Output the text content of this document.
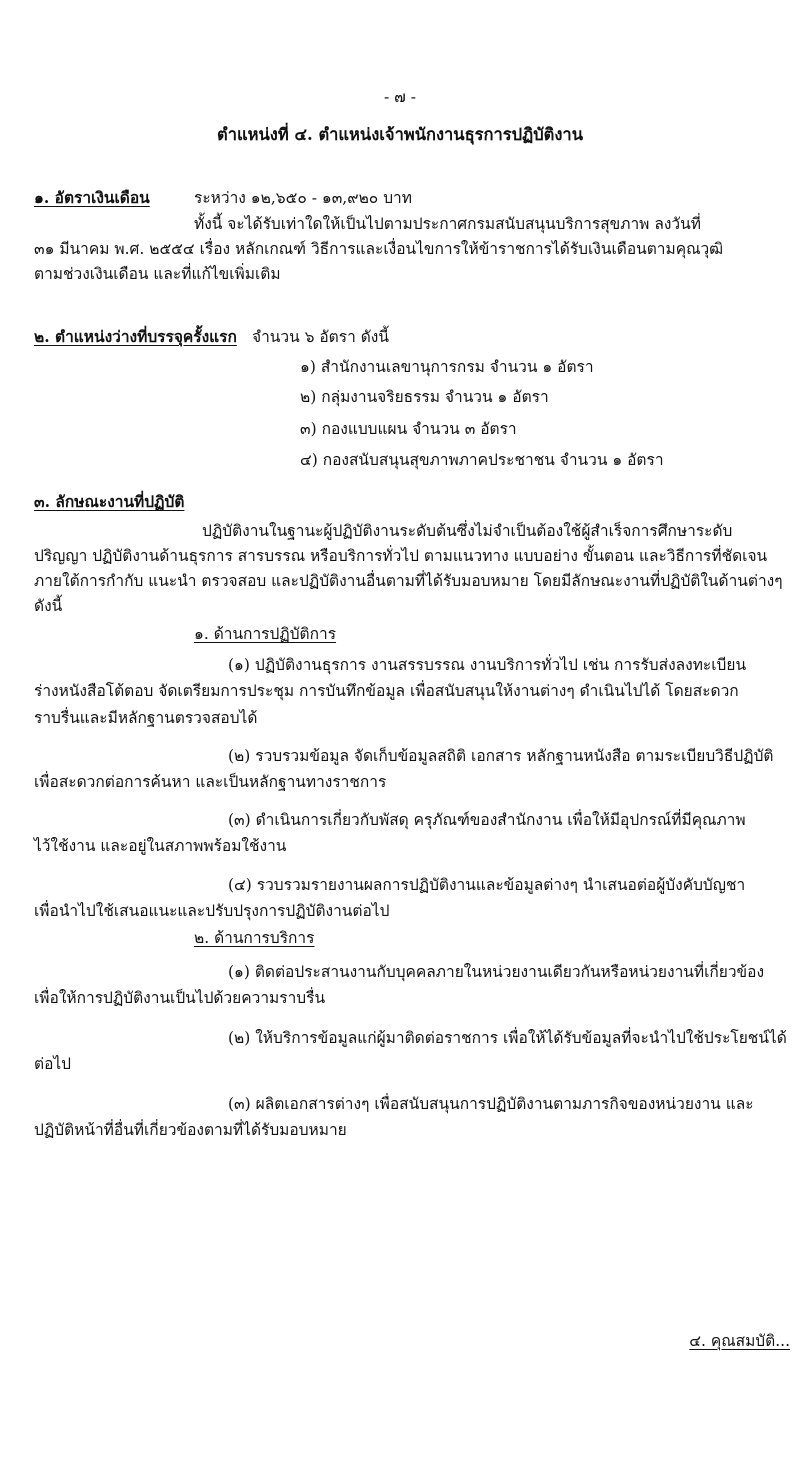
- ๗ -
ตำแหน่งที่ ๔. ตำแหน่งเจ้าพนักงานธุรการปฏิบัติงาน
๑. อัตราเงินเดือน	ระหว่าง ๑๒,๖๕๐ - ๑๓,๙๒๐ บาท
ทั้งนี้ จะได้รับเท่าใดให้เป็นไปตามประกาศกรมสนับสนุนบริการสุขภาพ ลงวันที่
๓๑ มีนาคม พ.ศ. ๒๕๕๔ เรื่อง หลักเกณฑ์ วิธีการและเงื่อนไขการให้ข้าราชการได้รับเงินเดือนตามคุณวุฒิ
ตามช่วงเงินเดือน และที่แก้ไขเพิ่มเติม
๒. ตำแหน่งว่างที่บรรจุครั้งแรก จำนวน ๖ อัตรา ดังนี้
๑) สำนักงานเลขานุการกรม จำนวน ๑ อัตรา
๒) กลุ่มงานจริยธรรม จำนวน ๑ อัตรา
๓) กองแบบแผน จำนวน ๓ อัตรา
๔) กองสนับสนุนสุขภาพภาคประชาชน จำนวน ๑ อัตรา
๓. ลักษณะงานที่ปฏิบัติ
ปฏิบัติงานในฐานะผู้ปฏิบัติงานระดับต้นซึ่งไม่จำเป็นต้องใช้ผู้สำเร็จการศึกษาระดับ
ปริญญา ปฏิบัติงานด้านธุรการ สารบรรณ หรือบริการทั่วไป ตามแนวทาง แบบอย่าง ขั้นตอน และวิธีการที่ชัดเจน
ภายใต้การกำกับ แนะนำ ตรวจสอบ และปฏิบัติงานอื่นตามที่ได้รับมอบหมาย โดยมีลักษณะงานที่ปฏิบัติในด้านต่างๆ
ดังนี้
๑. ด้านการปฏิบัติการ
(๑) ปฏิบัติงานธุรการ งานสรรบรรณ งานบริการทั่วไป เช่น การรับส่งลงทะเบียน
ร่างหนังสือโต้ตอบ จัดเตรียมการประชุม การบันทึกข้อมูล เพื่อสนับสนุนให้งานต่างๆ ดำเนินไปได้ โดยสะดวก
ราบรื่นและมีหลักฐานตรวจสอบได้
(๒) รวบรวมข้อมูล จัดเก็บข้อมูลสถิติ เอกสาร หลักฐานหนังสือ ตามระเบียบวิธีปฏิบัติ
เพื่อสะดวกต่อการค้นหา และเป็นหลักฐานทางราชการ
(๓) ดำเนินการเกี่ยวกับพัสดุ ครุภัณฑ์ของสำนักงาน เพื่อให้มีอุปกรณ์ที่มีคุณภาพ
ไว้ใช้งาน และอยู่ในสภาพพร้อมใช้งาน
(๔) รวบรวมรายงานผลการปฏิบัติงานและข้อมูลต่างๆ นำเสนอต่อผู้บังคับบัญชา
เพื่อนำไปใช้เสนอแนะและปรับปรุงการปฏิบัติงานต่อไป
๒. ด้านการบริการ
(๑) ติดต่อประสานงานกับบุคคลภายในหน่วยงานเดียวกันหรือหน่วยงานที่เกี่ยวข้อง
เพื่อให้การปฏิบัติงานเป็นไปด้วยความราบรื่น
(๒) ให้บริการข้อมูลแก่ผู้มาติดต่อราชการ เพื่อให้ได้รับข้อมูลที่จะนำไปใช้ประโยชน์ได้
ต่อไป
(๓) ผลิตเอกสารต่างๆ เพื่อสนับสนุนการปฏิบัติงานตามภารกิจของหน่วยงาน และ
ปฏิบัติหน้าที่อื่นที่เกี่ยวข้องตามที่ได้รับมอบหมาย
๔. คุณสมบัติ...
